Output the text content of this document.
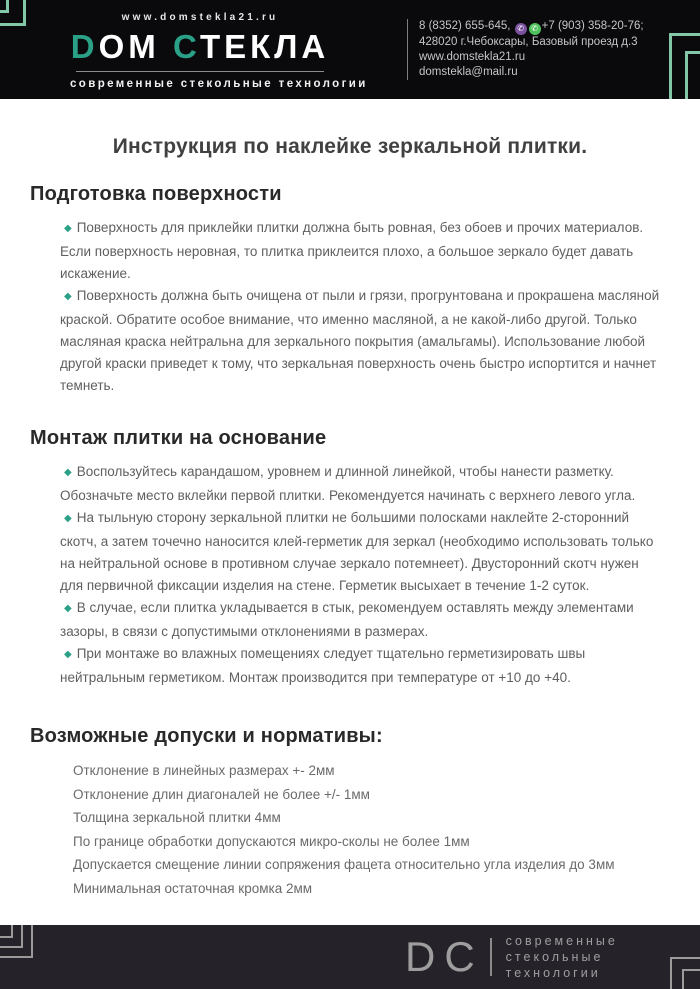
www.domstekla21.ru
DОМ СТЕКЛА
современные стекольные технологии
8 (8352) 655-645, ✆ ✆ +7 (903) 358-20-76;
428020 г.Чебоксары, Базовый проезд д.3
www.domstekla21.ru
domstekla@mail.ru
Инструкция по наклейке зеркальной плитки.
Подготовка поверхности

◆ Поверхность для приклейки плитки должна быть ровная, без обоев и прочих материалов. Если поверхность неровная, то плитка приклеится плохо, а большое зеркало будет давать искажение.

◆ Поверхность должна быть очищена от пыли и грязи, прогрунтована и прокрашена масляной краской. Обратите особое внимание, что именно масляной, а не какой-либо другой. Только масляная краска нейтральна для зеркального покрытия (амальгамы). Использование любой другой краски приведет к тому, что зеркальная поверхность очень быстро испортится и начнет темнеть.

Монтаж плитки на основание

◆ Воспользуйтесь карандашом, уровнем и длинной линейкой, чтобы нанести разметку. Обозначьте место вклейки первой плитки. Рекомендуется начинать с верхнего левого угла.

◆ На тыльную сторону зеркальной плитки не большими полосками наклейте 2-сторонний скотч, а затем точечно наносится клей-герметик для зеркал (необходимо использовать только на нейтральной основе в противном случае зеркало потемнеет). Двусторонний скотч нужен для первичной фиксации изделия на стене. Герметик высыхает в течение 1-2 суток.

◆ В случае, если плитка укладывается в стык, рекомендуем оставлять между элементами зазоры, в связи с допустимыми отклонениями в размерах.

◆ При монтаже во влажных помещениях следует тщательно герметизировать швы нейтральным герметиком. Монтаж производится при температуре от +10 до +40.

Возможные допуски и нормативы:
Отклонение в линейных размерах +- 2мм
Отклонение длин диагоналей не более +/- 1мм
Толщина зеркальной плитки 4мм
По границе обработки допускаются микро-сколы не более 1мм
Допускается смещение линии сопряжения фацета относительно угла изделия до 3мм
Минимальная остаточная кромка 2мм
DC современные
стекольные
технологии
